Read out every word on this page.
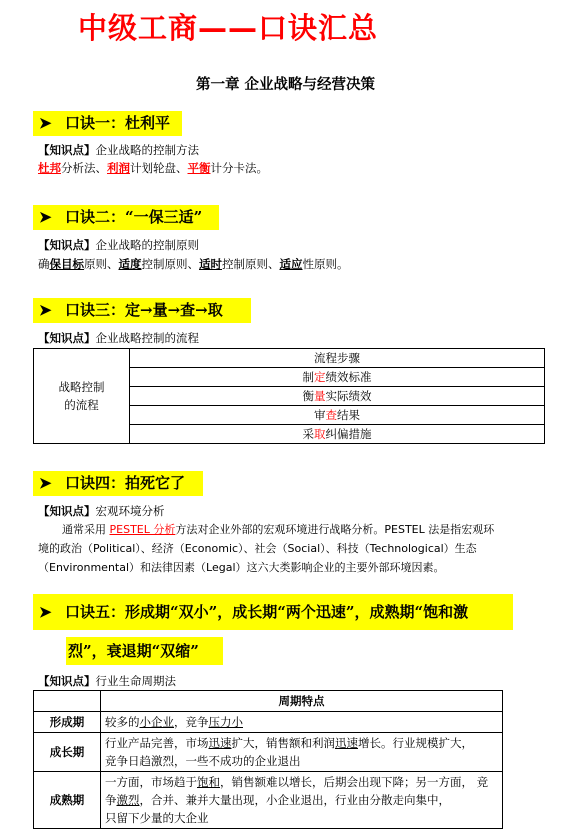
中级工商——口诀汇总
第一章 企业战略与经营决策
➤ 口诀一：杜利平
【知识点】企业战略的控制方法
杜邦分析法、利润计划轮盘、平衡计分卡法。
➤ 口诀二：“一保三适”
【知识点】企业战略的控制原则
确保目标原则、适度控制原则、适时控制原则、适应性原则。
➤ 口诀三：定→量→查→取
【知识点】企业战略控制的流程
战略控制
的流程	流程步骤
制定绩效标准
衡量实际绩效
审查结果
采取纠偏措施
➤ 口诀四：拍死它了
【知识点】宏观环境分析
通常采用 PESTEL 分析方法对企业外部的宏观环境进行战略分析。PESTEL 法是指宏观环
境的政治（Political）、经济（Economic）、社会（Social）、科技（Technological）生态
（Environmental）和法律因素（Legal）这六大类影响企业的主要外部环境因素。
➤ 口诀五：形成期“双小”，成长期“两个迅速”，成熟期“饱和激
烈”，衰退期“双缩”
【知识点】行业生命周期法
	周期特点
形成期	较多的小企业，竞争压力小

成长期	行业产品完善，市场迅速扩大，销售额和利润迅速增长。行业规模扩大，
竞争日趋激烈，一些不成功的企业退出

成熟期	一方面，市场趋于饱和，销售额难以增长，后期会出现下降；另一方面， 竞
争激烈，合并、兼并大量出现，小企业退出，行业由分散走向集中，
只留下少量的大企业
